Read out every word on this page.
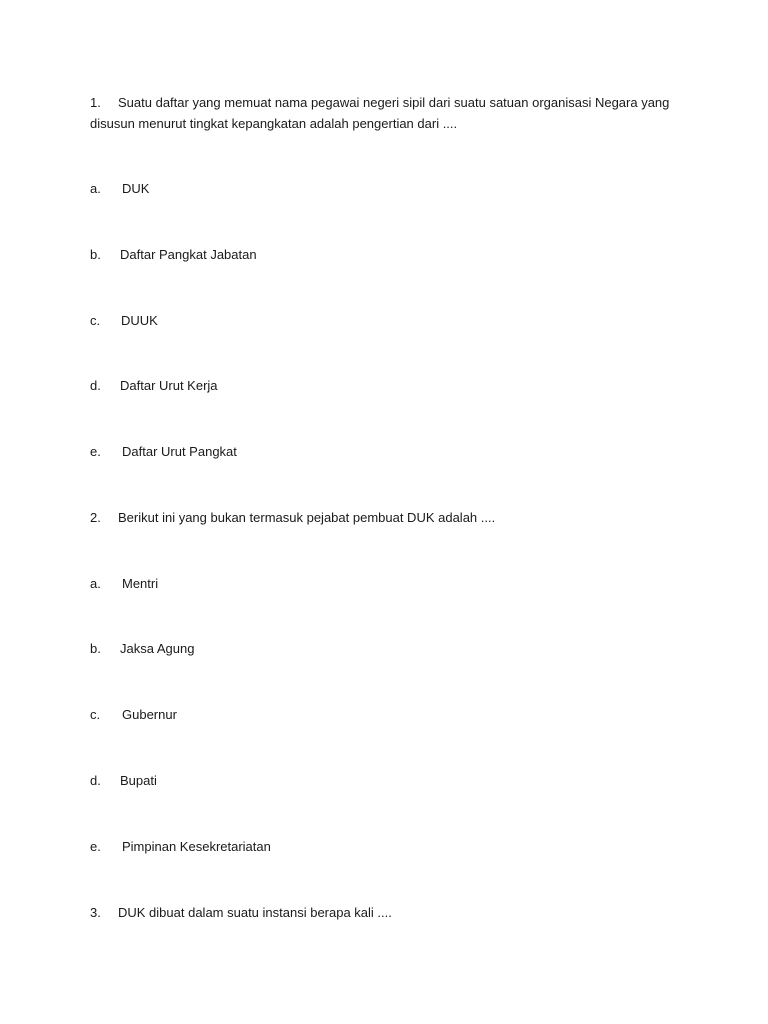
1. Suatu daftar yang memuat nama pegawai negeri sipil dari suatu satuan organisasi Negara yang
disusun menurut tingkat kepangkatan adalah pengertian dari ....
a. DUK
b. Daftar Pangkat Jabatan
c. DUUK
d. Daftar Urut Kerja
e. Daftar Urut Pangkat
2. Berikut ini yang bukan termasuk pejabat pembuat DUK adalah ....
a. Mentri
b. Jaksa Agung
c. Gubernur
d. Bupati
e. Pimpinan Kesekretariatan
3. DUK dibuat dalam suatu instansi berapa kali ....
